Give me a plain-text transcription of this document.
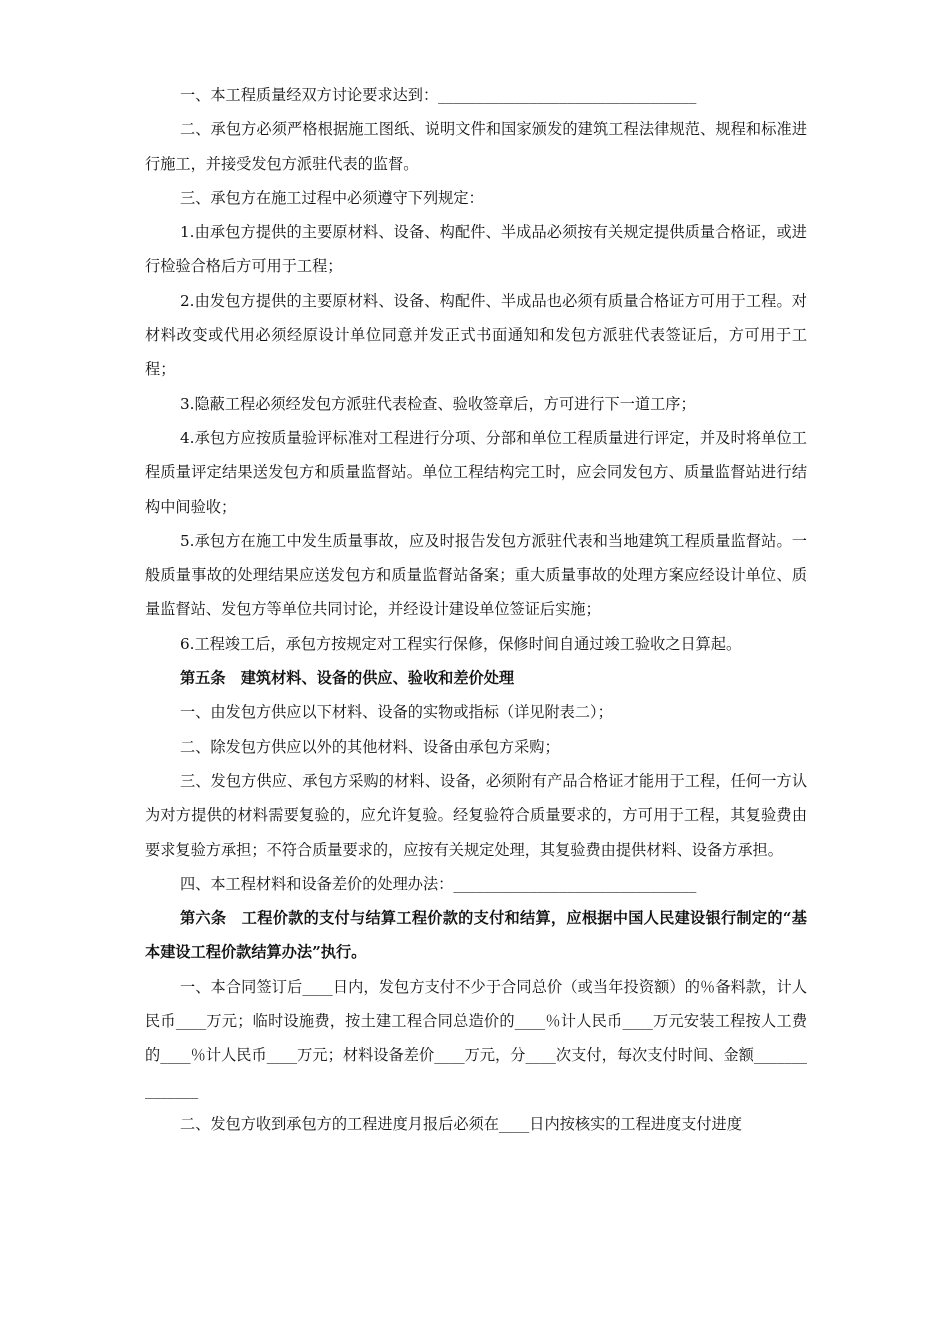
一、本工程质量经双方讨论要求达到：__________________________________

二、承包方必须严格根据施工图纸、说明文件和国家颁发的建筑工程法律规范、规程和标准进行施工，并接受发包方派驻代表的监督。

三、承包方在施工过程中必须遵守下列规定：

1.由承包方提供的主要原材料、设备、构配件、半成品必须按有关规定提供质量合格证，或进行检验合格后方可用于工程；

2.由发包方提供的主要原材料、设备、构配件、半成品也必须有质量合格证方可用于工程。对材料改变或代用必须经原设计单位同意并发正式书面通知和发包方派驻代表签证后，方可用于工程；

3.隐蔽工程必须经发包方派驻代表检查、验收签章后，方可进行下一道工序；

4.承包方应按质量验评标准对工程进行分项、分部和单位工程质量进行评定，并及时将单位工程质量评定结果送发包方和质量监督站。单位工程结构完工时，应会同发包方、质量监督站进行结构中间验收；

5.承包方在施工中发生质量事故，应及时报告发包方派驻代表和当地建筑工程质量监督站。一般质量事故的处理结果应送发包方和质量监督站备案；重大质量事故的处理方案应经设计单位、质量监督站、发包方等单位共同讨论，并经设计建设单位签证后实施；

6.工程竣工后，承包方按规定对工程实行保修，保修时间自通过竣工验收之日算起。

第五条　建筑材料、设备的供应、验收和差价处理

一、由发包方供应以下材料、设备的实物或指标（详见附表二）；

二、除发包方供应以外的其他材料、设备由承包方采购；

三、发包方供应、承包方采购的材料、设备，必须附有产品合格证才能用于工程，任何一方认为对方提供的材料需要复验的，应允许复验。经复验符合质量要求的，方可用于工程，其复验费由要求复验方承担；不符合质量要求的，应按有关规定处理，其复验费由提供材料、设备方承担。

四、本工程材料和设备差价的处理办法：________________________________

第六条　工程价款的支付与结算工程价款的支付和结算，应根据中国人民建设银行制定的“基本建设工程价款结算办法”执行。

一、本合同签订后____日内，发包方支付不少于合同总价（或当年投资额）的％备料款，计人民币____万元；临时设施费，按土建工程合同总造价的____％计人民币____万元安装工程按人工费的____％计人民币____万元；材料设备差价____万元，分____次支付，每次支付时间、金额______________

二、发包方收到承包方的工程进度月报后必须在____日内按核实的工程进度支付进度
